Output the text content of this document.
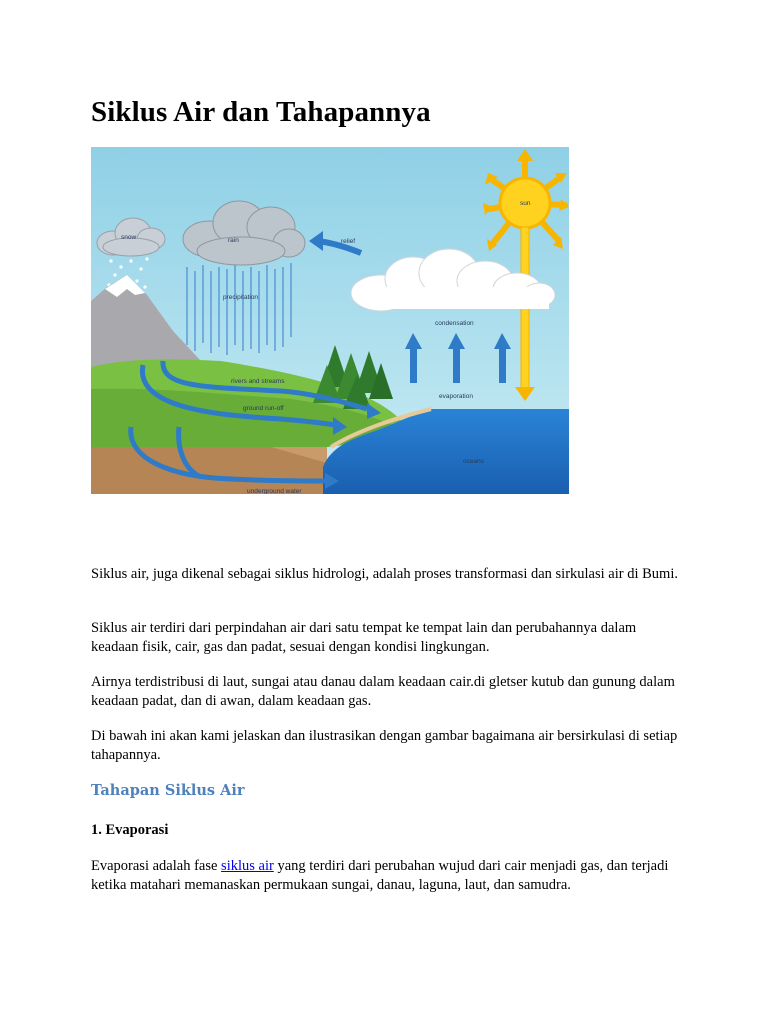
Siklus Air dan Tahapannya
sun
rain
snow
precipitation
relief
oceans
condensation
evaporation
rivers and streams
ground run-off
underground water

Siklus air, juga dikenal sebagai siklus hidrologi, adalah proses transformasi dan sirkulasi air di Bumi.

Siklus air terdiri dari perpindahan air dari satu tempat ke tempat lain dan perubahannya dalam keadaan fisik, cair, gas dan padat, sesuai dengan kondisi lingkungan.

Airnya terdistribusi di laut, sungai atau danau dalam keadaan cair.di gletser kutub dan gunung dalam keadaan padat, dan di awan, dalam keadaan gas.

Di bawah ini akan kami jelaskan dan ilustrasikan dengan gambar bagaimana air bersirkulasi di setiap tahapannya.

Tahapan Siklus Air
1. Evaporasi

Evaporasi adalah fase siklus air yang terdiri dari perubahan wujud dari cair menjadi gas, dan terjadi ketika matahari memanaskan permukaan sungai, danau, laguna, laut, dan samudra.
